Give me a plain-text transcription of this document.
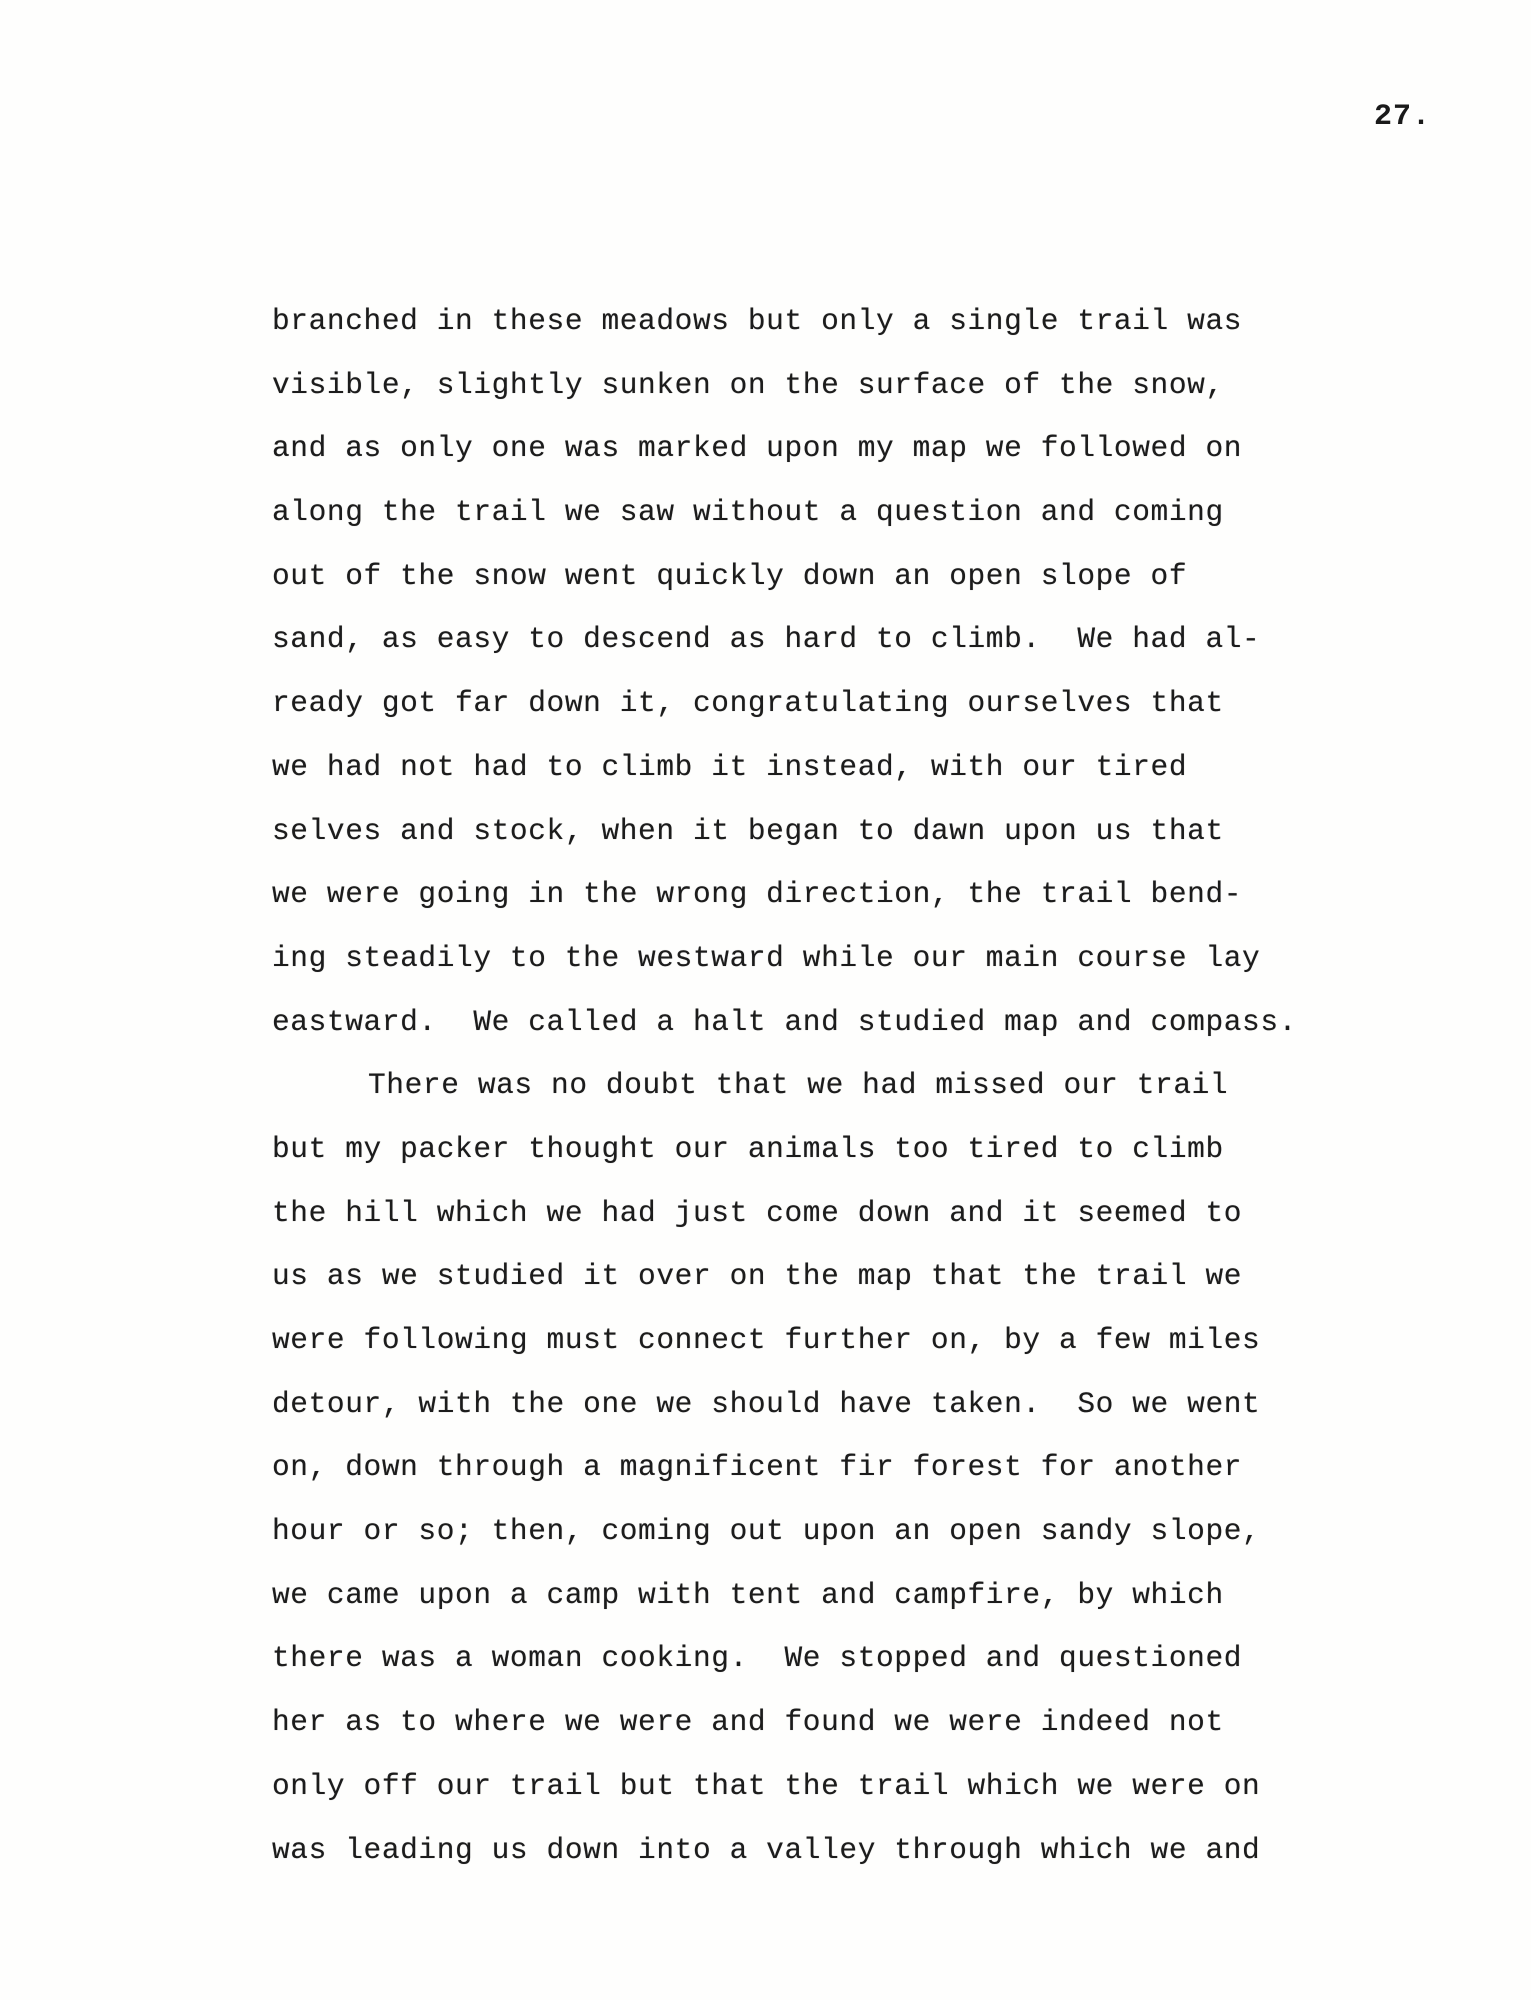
27.
branched in these meadows but only a single trail was
visible, slightly sunken on the surface of the snow,
and as only one was marked upon my map we followed on
along the trail we saw without a question and coming
out of the snow went quickly down an open slope of
sand, as easy to descend as hard to climb.  We had al-
ready got far down it, congratulating ourselves that
we had not had to climb it instead, with our tired
selves and stock, when it began to dawn upon us that
we were going in the wrong direction, the trail bend-
ing steadily to the westward while our main course lay
eastward.  We called a halt and studied map and compass.
There was no doubt that we had missed our trail
but my packer thought our animals too tired to climb
the hill which we had just come down and it seemed to
us as we studied it over on the map that the trail we
were following must connect further on, by a few miles
detour, with the one we should have taken.  So we went
on, down through a magnificent fir forest for another
hour or so; then, coming out upon an open sandy slope,
we came upon a camp with tent and campfire, by which
there was a woman cooking.  We stopped and questioned
her as to where we were and found we were indeed not
only off our trail but that the trail which we were on
was leading us down into a valley through which we and
